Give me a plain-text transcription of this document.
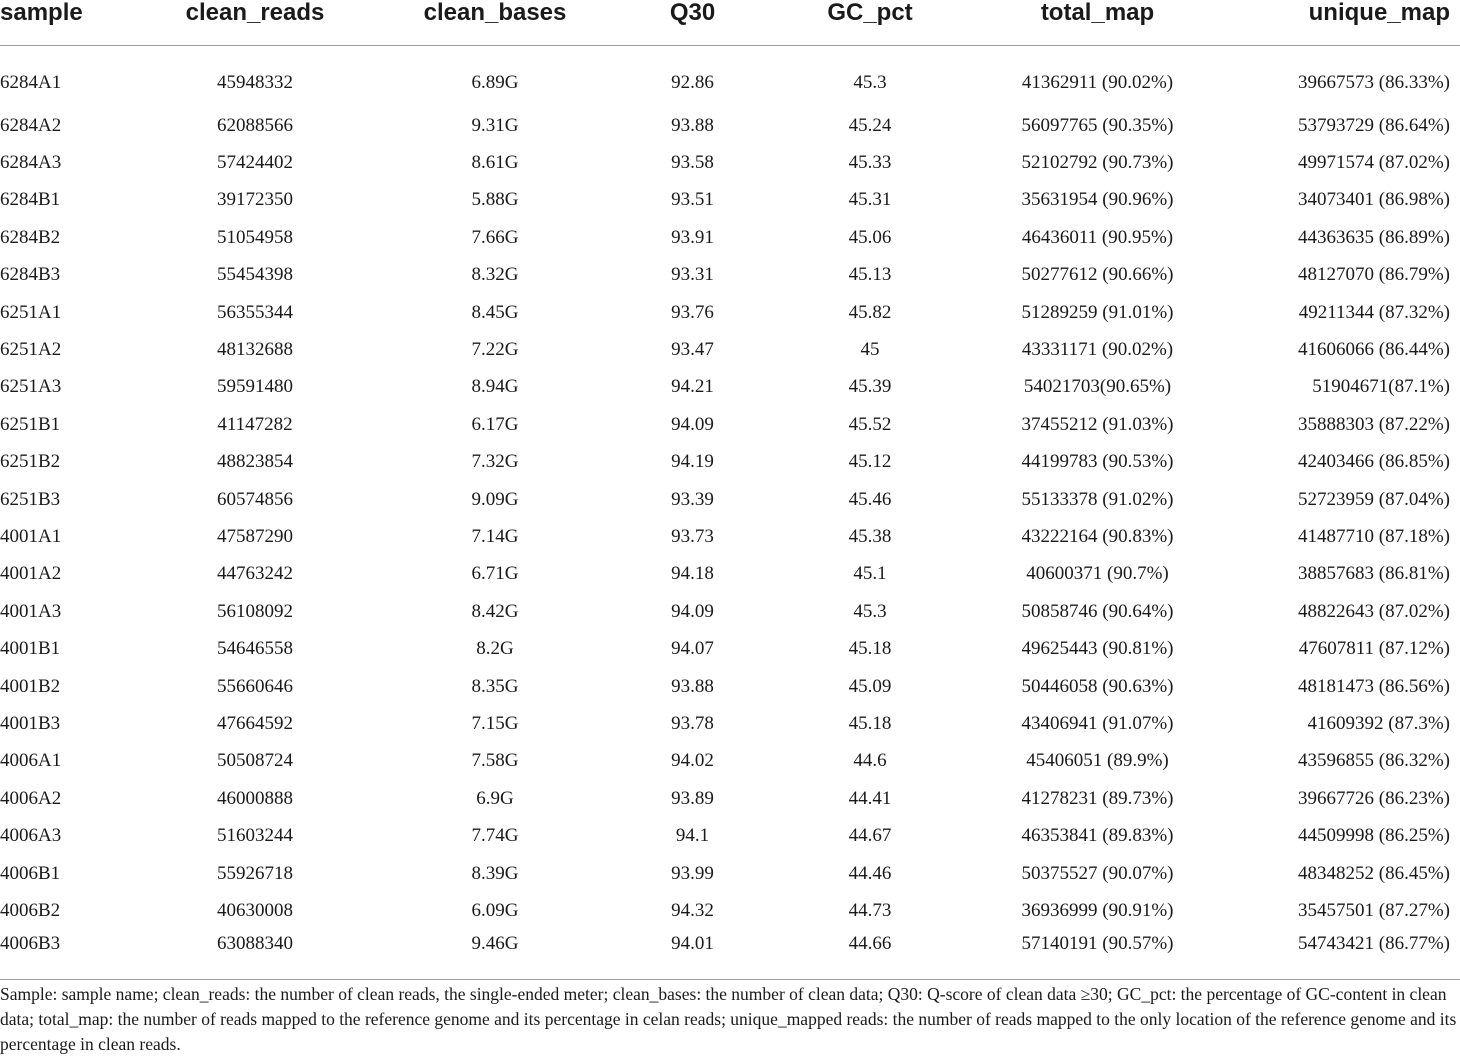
sample	clean_reads	clean_bases	Q30	GC_pct	total_map	unique_map
6284A1	45948332	6.89G	92.86	45.3	41362911 (90.02%)	39667573 (86.33%)
6284A2	62088566	9.31G	93.88	45.24	56097765 (90.35%)	53793729 (86.64%)
6284A3	57424402	8.61G	93.58	45.33	52102792 (90.73%)	49971574 (87.02%)
6284B1	39172350	5.88G	93.51	45.31	35631954 (90.96%)	34073401 (86.98%)
6284B2	51054958	7.66G	93.91	45.06	46436011 (90.95%)	44363635 (86.89%)
6284B3	55454398	8.32G	93.31	45.13	50277612 (90.66%)	48127070 (86.79%)
6251A1	56355344	8.45G	93.76	45.82	51289259 (91.01%)	49211344 (87.32%)
6251A2	48132688	7.22G	93.47	45	43331171 (90.02%)	41606066 (86.44%)
6251A3	59591480	8.94G	94.21	45.39	54021703(90.65%)	51904671(87.1%)
6251B1	41147282	6.17G	94.09	45.52	37455212 (91.03%)	35888303 (87.22%)
6251B2	48823854	7.32G	94.19	45.12	44199783 (90.53%)	42403466 (86.85%)
6251B3	60574856	9.09G	93.39	45.46	55133378 (91.02%)	52723959 (87.04%)
4001A1	47587290	7.14G	93.73	45.38	43222164 (90.83%)	41487710 (87.18%)
4001A2	44763242	6.71G	94.18	45.1	40600371 (90.7%)	38857683 (86.81%)
4001A3	56108092	8.42G	94.09	45.3	50858746 (90.64%)	48822643 (87.02%)
4001B1	54646558	8.2G	94.07	45.18	49625443 (90.81%)	47607811 (87.12%)
4001B2	55660646	8.35G	93.88	45.09	50446058 (90.63%)	48181473 (86.56%)
4001B3	47664592	7.15G	93.78	45.18	43406941 (91.07%)	41609392 (87.3%)
4006A1	50508724	7.58G	94.02	44.6	45406051 (89.9%)	43596855 (86.32%)
4006A2	46000888	6.9G	93.89	44.41	41278231 (89.73%)	39667726 (86.23%)
4006A3	51603244	7.74G	94.1	44.67	46353841 (89.83%)	44509998 (86.25%)
4006B1	55926718	8.39G	93.99	44.46	50375527 (90.07%)	48348252 (86.45%)
4006B2	40630008	6.09G	94.32	44.73	36936999 (90.91%)	35457501 (87.27%)
4006B3	63088340	9.46G	94.01	44.66	57140191 (90.57%)	54743421 (86.77%)
Sample: sample name; clean_reads: the number of clean reads, the single-ended meter; clean_bases: the number of clean data; Q30: Q-score of clean data ≥30; GC_pct: the percentage of GC-content in clean data; total_map: the number of reads mapped to the reference genome and its percentage in celan reads; unique_mapped reads: the number of reads mapped to the only location of the reference genome and its percentage in clean reads.
